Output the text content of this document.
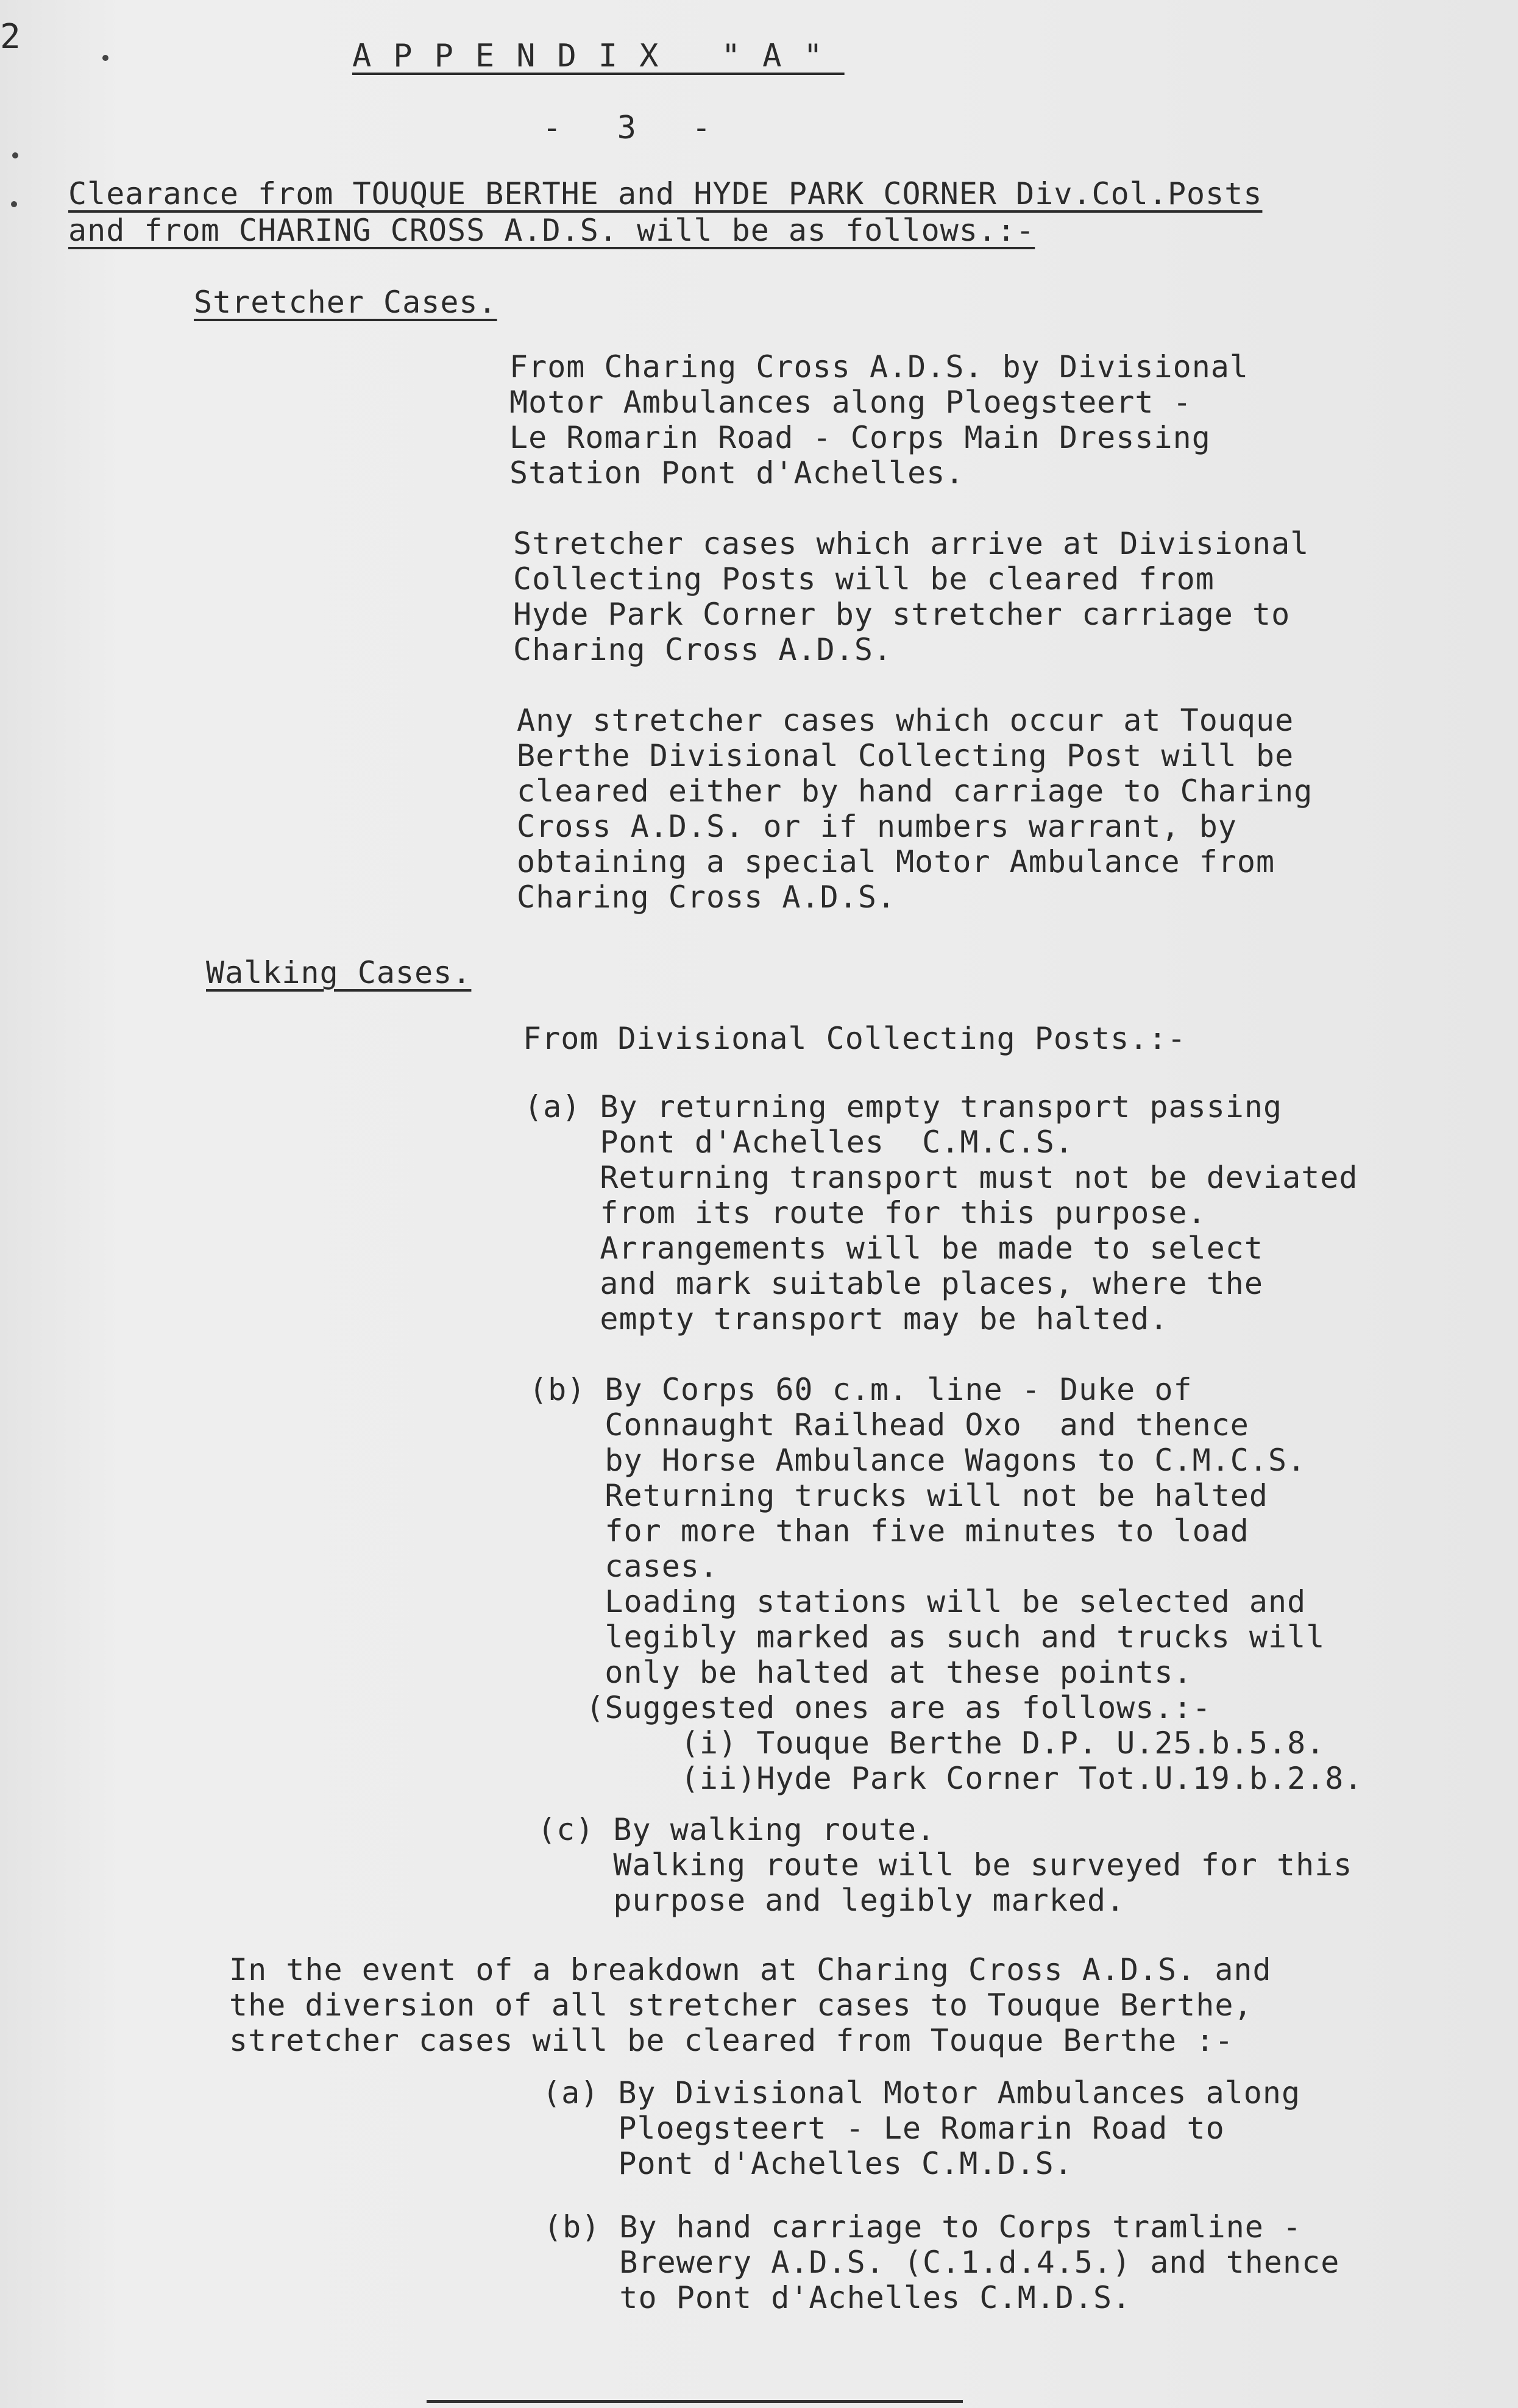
2	APPENDIX "A"
- 3 -
Clearance from TOUQUE BERTHE and HYDE PARK CORNER Div.Col.Posts
and from CHARING CROSS A.D.S. will be as follows.:-
Stretcher Cases.
From Charing Cross A.D.S. by Divisional
Motor Ambulances along Ploegsteert -
Le Romarin Road - Corps Main Dressing
Station Pont d'Achelles.
Stretcher cases which arrive at Divisional
Collecting Posts will be cleared from
Hyde Park Corner by stretcher carriage to
Charing Cross A.D.S.
Any stretcher cases which occur at Touque
Berthe Divisional Collecting Post will be
cleared either by hand carriage to Charing
Cross A.D.S. or if numbers warrant, by
obtaining a special Motor Ambulance from
Charing Cross A.D.S.
Walking Cases.
From Divisional Collecting Posts.:-
(a) By returning empty transport passing
Pont d'Achelles  C.M.C.S.
Returning transport must not be deviated
from its route for this purpose.
Arrangements will be made to select
and mark suitable places, where the
empty transport may be halted.
(b) By Corps 60 c.m. line - Duke of
Connaught Railhead Oxo  and thence
by Horse Ambulance Wagons to C.M.C.S.
Returning trucks will not be halted
for more than five minutes to load
cases.
Loading stations will be selected and
legibly marked as such and trucks will
only be halted at these points.
(Suggested ones are as follows.:-
(i) Touque Berthe D.P. U.25.b.5.8.
(ii)Hyde Park Corner Tot.U.19.b.2.8.
(c) By walking route.
Walking route will be surveyed for this
purpose and legibly marked.
In the event of a breakdown at Charing Cross A.D.S. and
the diversion of all stretcher cases to Touque Berthe,
stretcher cases will be cleared from Touque Berthe :-
(a) By Divisional Motor Ambulances along
Ploegsteert - Le Romarin Road to
Pont d'Achelles C.M.D.S.
(b) By hand carriage to Corps tramline -
Brewery A.D.S. (C.1.d.4.5.) and thence
to Pont d'Achelles C.M.D.S.
